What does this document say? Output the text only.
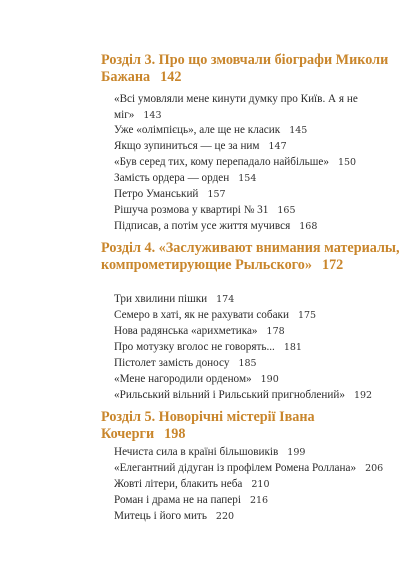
Розділ 3. Про що змовчали біографи Миколи Бажана 142

«Всі умовляли мене кинути думку про Київ. А я не міг» 143

Уже «олімпієць», але ще не класик 145

Якщо зупиниться — це за ним 147

«Був серед тих, кому перепадало найбільше» 150

Замість ордера — орден 154

Петро Уманський 157

Рішуча розмова у квартирі № 31 165

Підписав, а потім усе життя мучився 168

Розділ 4. «Заслуживают внимания материалы, компрометирующие Рыльского» 172

Три хвилини пішки 174

Семеро в хаті, як не рахувати собаки 175

Нова радянська «арихметика» 178

Про мотузку вголос не говорять... 181

Пістолет замість доносу 185

«Мене нагородили орденом» 190

«Рильський вільний і Рильський пригноблений» 192

Розділ 5. Новорічні містерії Івана Кочерги 198

Нечиста сила в країні більшовиків 199

«Елегантний дідуган із профілем Ромена Роллана» 206

Жовті літери, блакить неба 210

Роман і драма не на папері 216

Митець і його мить 220
